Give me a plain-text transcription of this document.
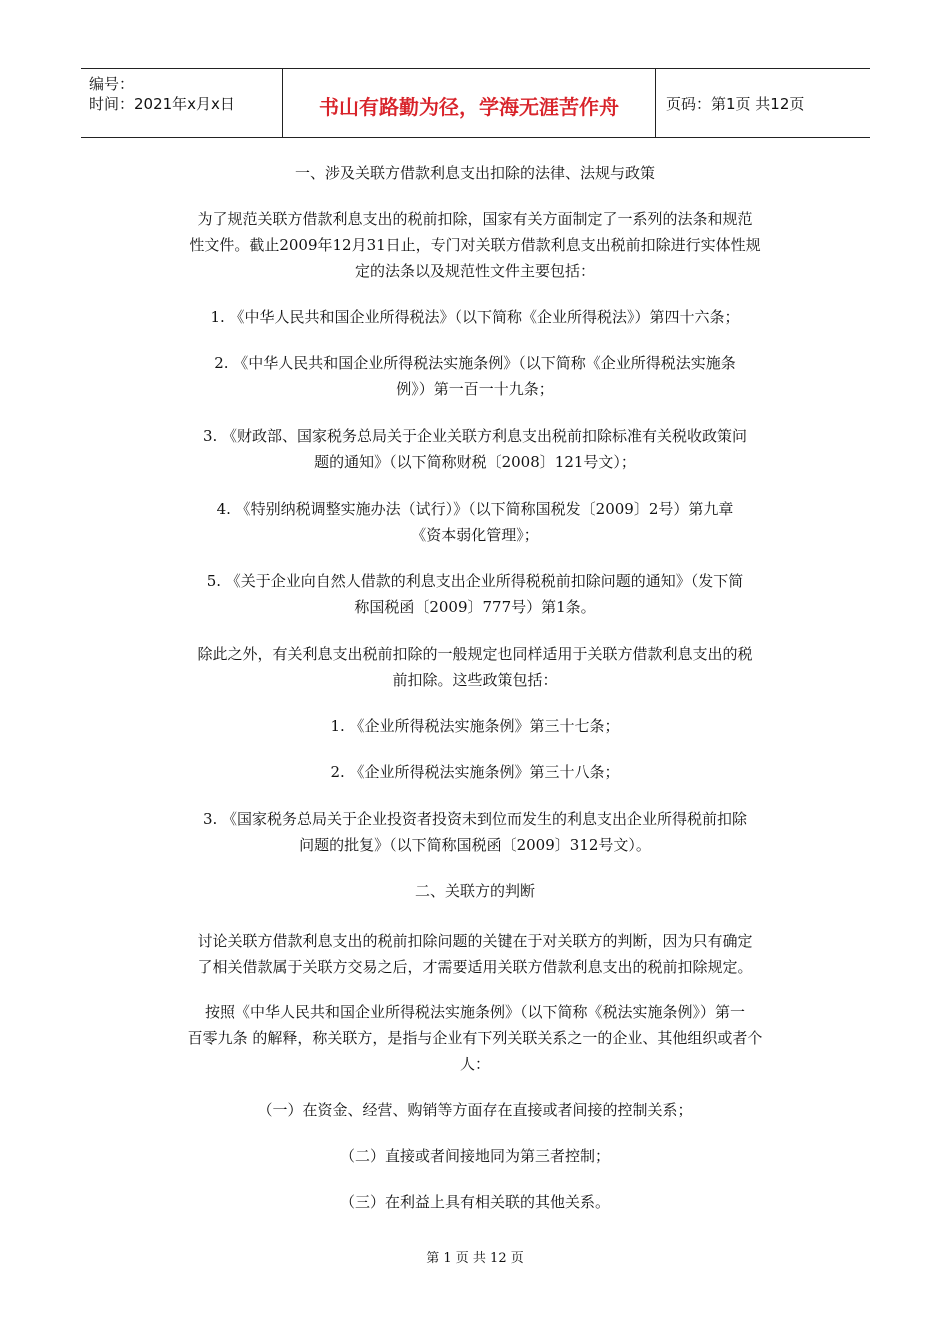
编号：
时间：2021年x月x日	书山有路勤为径，学海无涯苦作舟	页码：第1页 共12页
一、涉及关联方借款利息支出扣除的法律、法规与政策
为了规范关联方借款利息支出的税前扣除，国家有关方面制定了一系列的法条和规范
性文件。截止2009年12月31日止，专门对关联方借款利息支出税前扣除进行实体性规
定的法条以及规范性文件主要包括：
1. 《中华人民共和国企业所得税法》（以下简称《企业所得税法》）第四十六条；
2. 《中华人民共和国企业所得税法实施条例》（以下简称《企业所得税法实施条
例》）第一百一十九条；
3. 《财政部、国家税务总局关于企业关联方利息支出税前扣除标准有关税收政策问
题的通知》（以下简称财税〔2008〕121号文）；
4. 《特别纳税调整实施办法（试行）》（以下简称国税发〔2009〕2号）第九章
《资本弱化管理》；
5. 《关于企业向自然人借款的利息支出企业所得税税前扣除问题的通知》（发下简
称国税函〔2009〕777号）第1条。
除此之外，有关利息支出税前扣除的一般规定也同样适用于关联方借款利息支出的税
前扣除。这些政策包括：
1. 《企业所得税法实施条例》第三十七条；
2. 《企业所得税法实施条例》第三十八条；
3. 《国家税务总局关于企业投资者投资未到位而发生的利息支出企业所得税前扣除
问题的批复》（以下简称国税函〔2009〕312号文）。
二、关联方的判断
讨论关联方借款利息支出的税前扣除问题的关键在于对关联方的判断，因为只有确定
了相关借款属于关联方交易之后，才需要适用关联方借款利息支出的税前扣除规定。
按照《中华人民共和国企业所得税法实施条例》（以下简称《税法实施条例》）第一
百零九条 的解释，称关联方，是指与企业有下列关联关系之一的企业、其他组织或者个
人：
（一）在资金、经营、购销等方面存在直接或者间接的控制关系；
（二）直接或者间接地同为第三者控制；
（三）在利益上具有相关联的其他关系。
第 1 页 共 12 页
